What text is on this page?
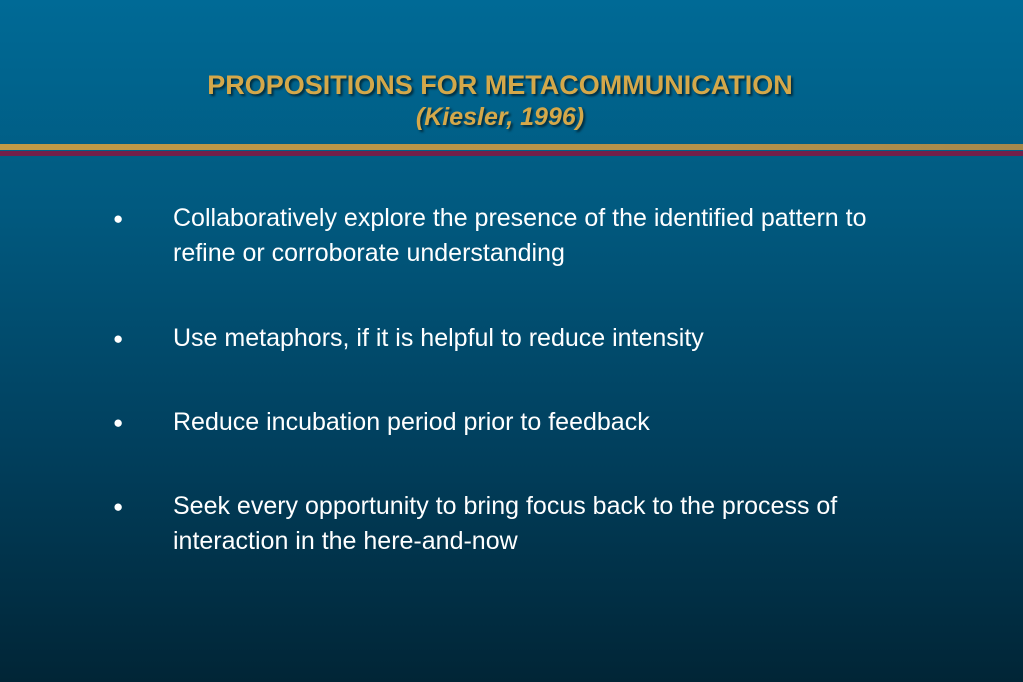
PROPOSITIONS FOR METACOMMUNICATION
(Kiesler, 1996)
● Collaboratively explore the presence of the identified pattern to refine or corroborate understanding
● Use metaphors, if it is helpful to reduce intensity
● Reduce incubation period prior to feedback
● Seek every opportunity to bring focus back to the process of interaction in the here-and-now
